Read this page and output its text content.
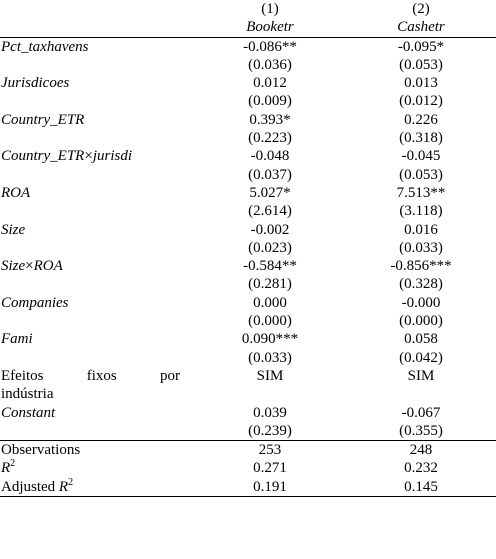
	(1)	(2)
	Booketr	Cashetr
Pct_taxhavens	-0.086**	-0.095*
	(0.036)	(0.053)
Jurisdicoes	0.012	0.013
	(0.009)	(0.012)
Country_ETR	0.393*	0.226
	(0.223)	(0.318)
Country_ETR×jurisdi	-0.048	-0.045
	(0.037)	(0.053)
ROA	5.027*	7.513**
	(2.614)	(3.118)
Size	-0.002	0.016
	(0.023)	(0.033)
Size×ROA	-0.584**	-0.856***
	(0.281)	(0.328)
Companies	0.000	-0.000
	(0.000)	(0.000)
Fami	0.090***	0.058
	(0.033)	(0.042)

Efeitos fixos por	SIM	SIM
indústria		
Constant	0.039	-0.067
	(0.239)	(0.355)
Observations	253	248
$R^2$	0.271	0.232
Adjusted $R^2$	0.191	0.145
